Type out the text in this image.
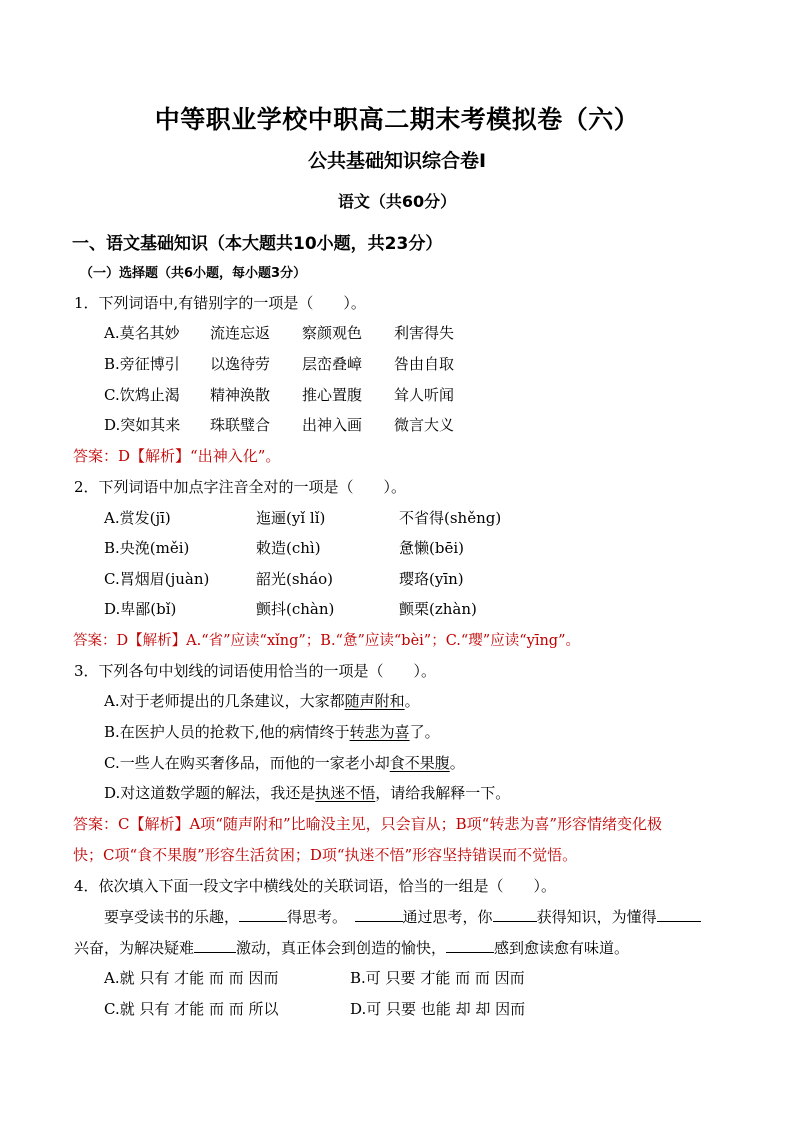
中等职业学校中职高二期末考模拟卷（六）
公共基础知识综合卷Ⅰ
语文（共60分）
一、语文基础知识（本大题共10小题，共23分）
（一）选择题（共6小题，每小题3分）
1．下列词语中,有错别字的一项是（　　）。
A.莫名其妙 流连忘返 察颜观色 利害得失
B.旁征博引 以逸待劳 层峦叠嶂 咎由自取
C.饮鸩止渴 精神涣散 推心置腹 耸人听闻
D.突如其来 珠联璧合 出神入画 微言大义
答案：D【解析】“出神入化”。
2．下列词语中加点字注音全对的一项是（　　）。
A.赏发(jī)	迤逦(yǐ lǐ)	不省得(shěng)
B.央浼(měi)	敕造(chì)	惫懒(bēi)
C.罥烟眉(juàn)	韶光(sháo)	璎珞(yīn)
D.卑鄙(bǐ)	颤抖(chàn)	颤栗(zhàn)
答案：D【解析】A.“省”应读“xǐng”；B.“惫”应读“bèi”；C.“璎”应读“yīng”。
3．下列各句中划线的词语使用恰当的一项是（　　）。
A.对于老师提出的几条建议，大家都随声附和。
B.在医护人员的抢救下,他的病情终于转悲为喜了。
C.一些人在购买奢侈品，而他的一家老小却食不果腹。
D.对这道数学题的解法，我还是执迷不悟，请给我解释一下。
答案：C【解析】A项“随声附和”比喻没主见，只会盲从；B项“转悲为喜”形容情绪变化极
快；C项“食不果腹”形容生活贫困；D项“执迷不悟”形容坚持错误而不觉悟。
4．依次填入下面一段文字中横线处的关联词语，恰当的一组是（　　）。
要享受读书的乐趣，	得思考。　	通过思考，你	获得知识，为懂得
兴奋，为解决疑难	激动，真正体会到创造的愉快，	感到愈读愈有味道。
A.就 只有 才能 而 而 因而	B.可 只要 才能 而 而 因而
C.就 只有 才能 而 而 所以	D.可 只要 也能 却 却 因而
